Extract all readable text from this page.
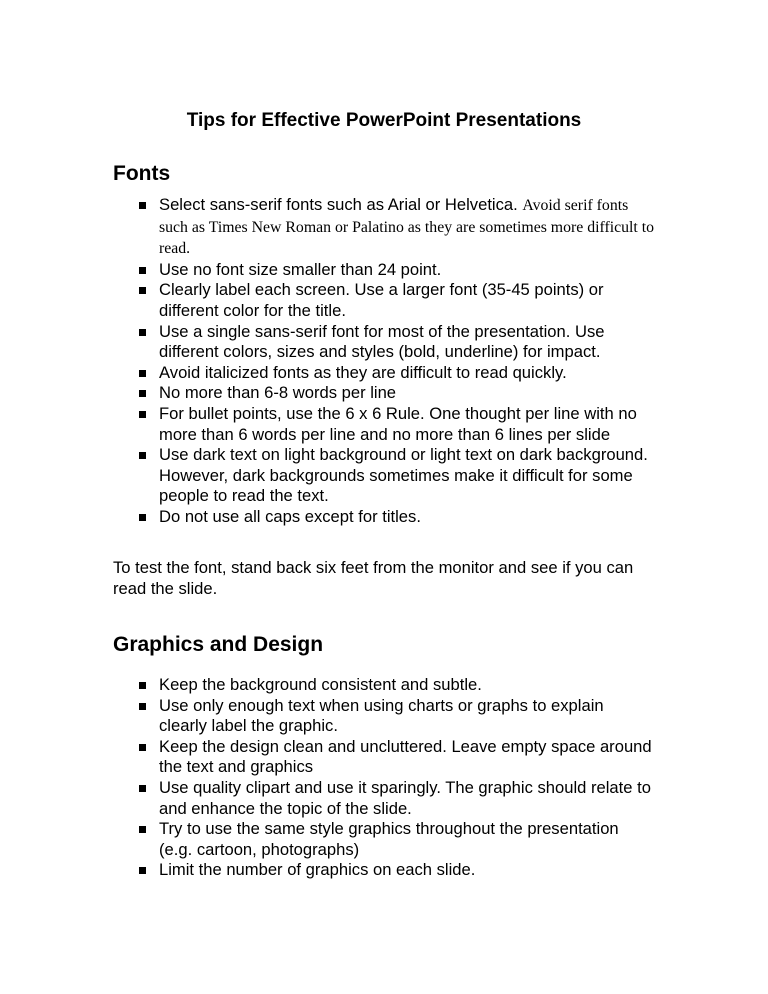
Tips for Effective PowerPoint Presentations
Fonts
Select sans-serif fonts such as Arial or Helvetica. Avoid serif fonts such as Times New Roman or Palatino as they are sometimes more difficult to read.
Use no font size smaller than 24 point.
Clearly label each screen. Use a larger font (35-45 points) or different color for the title.
Use a single sans-serif font for most of the presentation. Use different colors, sizes and styles (bold, underline) for impact.
Avoid italicized fonts as they are difficult to read quickly.
No more than 6-8 words per line
For bullet points, use the 6 x 6 Rule. One thought per line with no more than 6 words per line and no more than 6 lines per slide
Use dark text on light background or light text on dark background. However, dark backgrounds sometimes make it difficult for some people to read the text.
Do not use all caps except for titles.

To test the font, stand back six feet from the monitor and see if you can read the slide.

Graphics and Design
Keep the background consistent and subtle.
Use only enough text when using charts or graphs to explain clearly label the graphic.
Keep the design clean and uncluttered. Leave empty space around the text and graphics
Use quality clipart and use it sparingly. The graphic should relate to and enhance the topic of the slide.
Try to use the same style graphics throughout the presentation (e.g. cartoon, photographs)
Limit the number of graphics on each slide.
